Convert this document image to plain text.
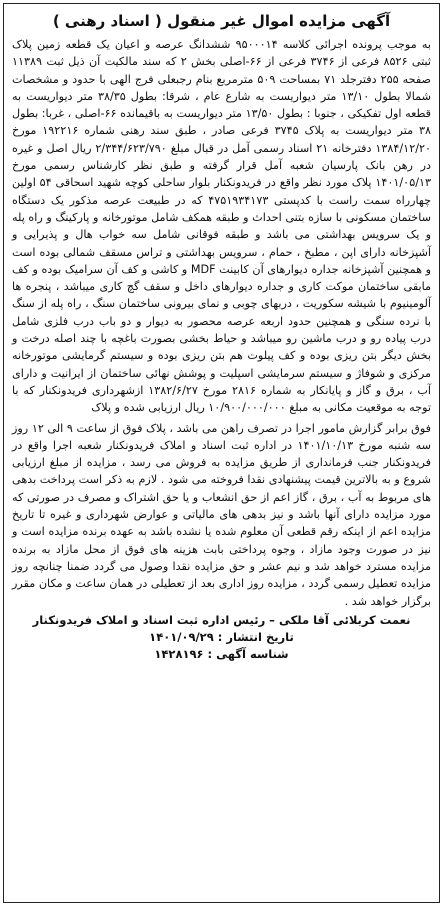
آگهی مزایده اموال غیر منقول ( اسناد رهنی )

به موجب پرونده اجرائی کلاسه ۹۵۰۰۰۱۴ ششدانگ عرصه و اعیان یک قطعه زمین پلاک ثبتی ۸۵۲۶ فرعی از ۳۷۴۶ فرعی از ۶۶-اصلی بخش ۲ که سند مالکیت آن ذیل ثبت ۱۱۳۸۹ صفحه ۲۵۵ دفترجلد ۷۱ بمساحت ۵۰۹ مترمربع بنام رجبعلی فرج الهی با حدود و مشخصات شمالا بطول ۱۳/۱۰ متر دیواریست به شارع عام ، شرقا: بطول ۳۸/۳۵ متر دیواریست به قطعه اول تفکیکی ، جنوبا : بطول ۱۳/۵۰ متر دیواریست به باقیمانده ۶۶-اصلی ، غربا: بطول ۳۸ متر دیواریست به پلاک ۳۷۴۵ فرعی صادر ، طبق سند رهنی شماره ۱۹۲۲۱۶ مورخ ۱۳۸۴/۱۲/۲۰ دفترخانه ۲۱ اسناد رسمی آمل در قبال مبلغ ۲/۳۴۴/۶۲۳/۷۹۰ ریال اصل و غیره در رهن بانک پارسیان شعبه آمل قرار گرفته و طبق نظر کارشناس رسمی مورخ ۱۴۰۱/۰۵/۱۳ پلاک مورد نظر واقع در فریدونکنار بلوار ساحلی کوچه شهید اسحاقی ۵۴ اولین چهارراه سمت راست با کدپستی ۴۷۵۱۹۳۴۱۷۳ که در طبیعت عرصه مذکور یک دستگاه ساختمان مسکونی با سازه بتنی احداث و طبقه همکف شامل موتورخانه و پارکینگ و راه پله و یک سرویس بهداشتی می باشد و طبقه فوقانی شامل سه خواب هال و پذیرایی و آشپزخانه دارای اپن ، مطبخ ، حمام ، سرویس بهداشتی و تراس مسقف شمالی بوده است و همچنین آشپزخانه جداره دیوارهای آن کابینت MDF و کاشی و کف آن سرامیک بوده و کف مابقی ساختمان موکت کاری و جداره دیوارهای داخل و سقف گچ کاری میباشد ، پنجره ها آلومینیوم با شیشه سکوریت ، دربهای چوبی و نمای بیرونی ساختمان سنگ ، راه پله از سنگ با نرده سنگی و همچنین حدود اربعه عرصه محصور به دیوار و دو باب درب فلزی شامل درب پیاده رو و درب ماشین رو میباشد و حیاط بخشی بصورت باغچه با چند اصله درخت و بخش دیگر بتن ریزی بوده و کف پیلوت هم بتن ریزی بوده و سیستم گرمایشی موتورخانه مرکزی و شوفاژ و سیستم سرمایشی اسپلیت و پوشش نهائی ساختمان از ایرانیت و دارای آب ، برق و گاز و پایانکار به شماره ۲۸۱۶ مورخ ۱۳۸۲/۶/۲۷ ازشهرداری فریدونکنار که با توجه به موقعیت مکانی به مبلغ ۱۰/۹۰۰/۰۰۰/۰۰۰ ریال ارزیابی شده و پلاک

فوق برابر گزارش مامور اجرا در تصرف راهن می باشد ، پلاک فوق از ساعت ۹ الی ۱۲ روز سه شنبه مورخ ۱۴۰۱/۱۰/۱۳ در اداره ثبت اسناد و املاک فریدونکنار شعبه اجرا واقع در فریدونکنار جنب فرمانداری از طریق مزایده به فروش می رسد ، مزایده از مبلغ ارزیابی شروع و به بالاترین قیمت پیشنهادی نقدا فروخته می شود . لازم به ذکر است پرداخت بدهی های مربوط به آب ، برق ، گاز اعم از حق انشعاب و یا حق اشتراک و مصرف در صورتی که مورد مزایده دارای آنها باشد و نیز بدهی های مالیاتی و عوارض شهرداری و غیره تا تاریخ مزایده اعم از اینکه رقم قطعی آن معلوم شده یا نشده باشد به عهده برنده مزایده است و نیز در صورت وجود مازاد ، وجوه پرداختی بابت هزینه های فوق از محل مازاد به برنده مزایده مسترد خواهد شد و نیم عشر و حق مزایده نقدا وصول می گردد ضمنا چنانچه روز مزایده تعطیل رسمی گردد ، مزایده روز اداری بعد از تعطیلی در همان ساعت و مکان مقرر برگزار خواهد شد .

نعمت کربلائی آقا ملکی – رئیس اداره ثبت اسناد و املاک فریدونکنار
تاریخ انتشار : ۱۴۰۱/۰۹/۲۹
شناسه آگهی : ۱۴۲۸۱۹۶
